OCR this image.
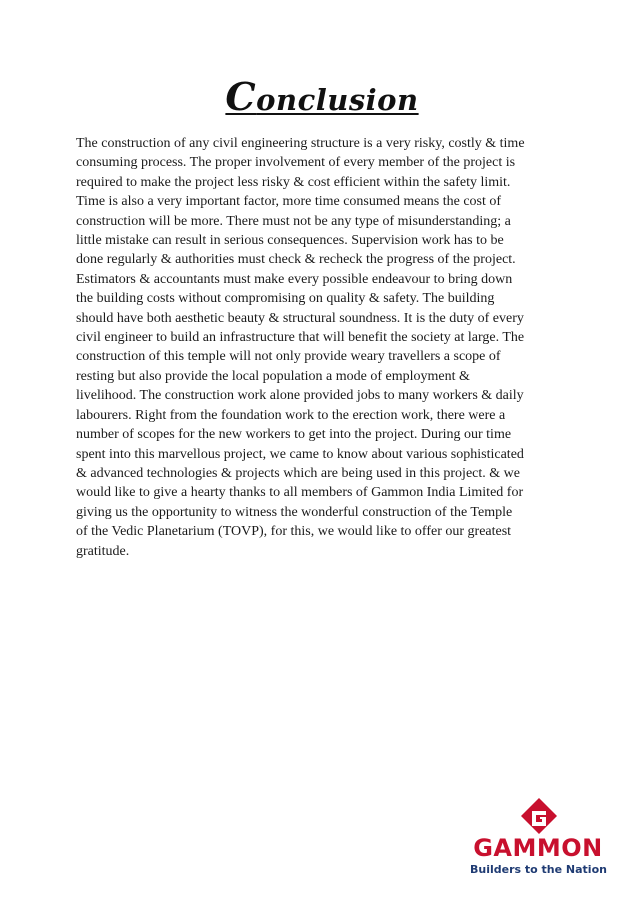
Conclusion

The construction of any civil engineering structure is a very risky, costly & time
consuming process. The proper involvement of every member of the project is
required to make the project less risky & cost efficient within the safety limit.
Time is also a very important factor, more time consumed means the cost of
construction will be more. There must not be any type of misunderstanding; a
little mistake can result in serious consequences. Supervision work has to be
done regularly & authorities must check & recheck the progress of the project.
Estimators & accountants must make every possible endeavour to bring down
the building costs without compromising on quality & safety. The building
should have both aesthetic beauty & structural soundness. It is the duty of every
civil engineer to build an infrastructure that will benefit the society at large. The
construction of this temple will not only provide weary travellers a scope of
resting but also provide the local population a mode of employment &
livelihood. The construction work alone provided jobs to many workers & daily
labourers. Right from the foundation work to the erection work, there were a
number of scopes for the new workers to get into the project. During our time
spent into this marvellous project, we came to know about various sophisticated
& advanced technologies & projects which are being used in this project. & we
would like to give a hearty thanks to all members of Gammon India Limited for
giving us the opportunity to witness the wonderful construction of the Temple
of the Vedic Planetarium (TOVP), for this, we would like to offer our greatest
gratitude.

GAMMON
Builders to the Nation
